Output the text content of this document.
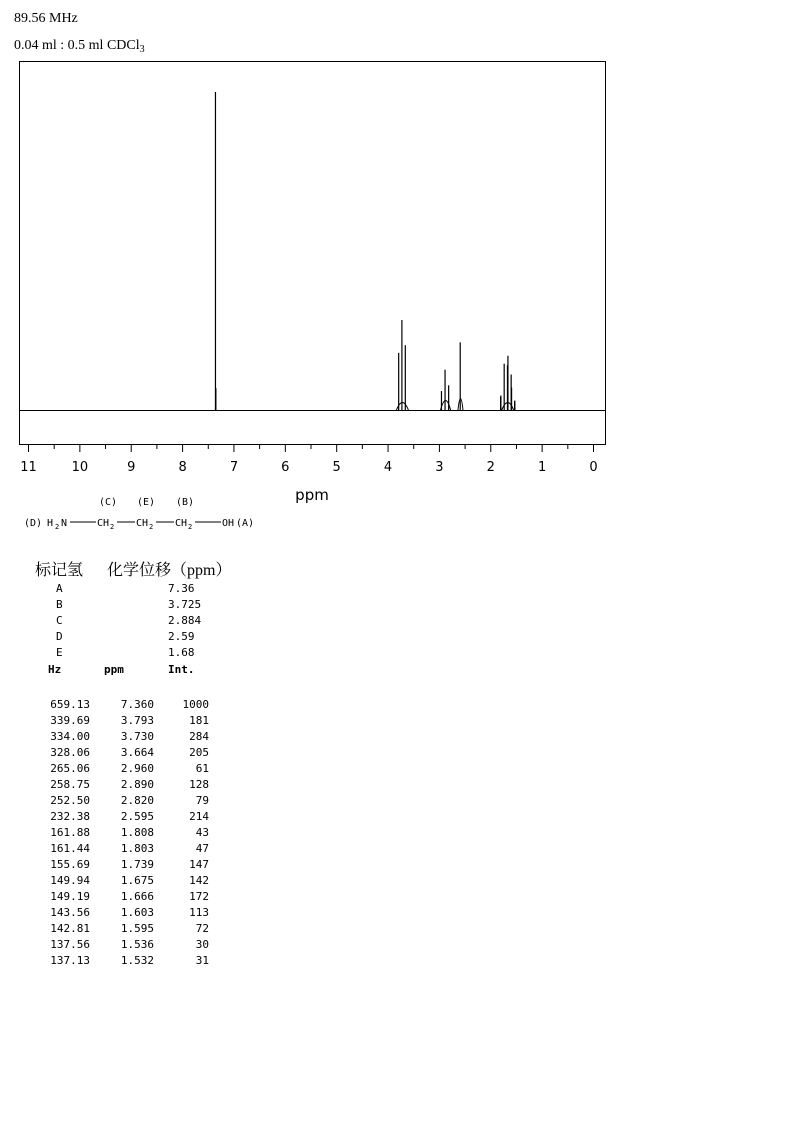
89.56 MHz
0.04 ml : 0.5 ml CDCl$_3$
11	10	9	8	7	6	5	4	3	2	1	0
ppm
(C) (E) (B)
(D) H 2 N	CH 2 CH 2 CH 2	OH (A)
标记氢 化学位移（ppm）
A	7.36
B	3.725
C	2.884
D	2.59
E	1.68
Hz	ppm	Int.
659.13	7.360	1000
339.69	3.793	181
334.00	3.730	284
328.06	3.664	205
265.06	2.960	61
258.75	2.890	128
252.50	2.820	79
232.38	2.595	214
161.88	1.808	43
161.44	1.803	47
155.69	1.739	147
149.94	1.675	142
149.19	1.666	172
143.56	1.603	113
142.81	1.595	72
137.56	1.536	30
137.13	1.532	31
